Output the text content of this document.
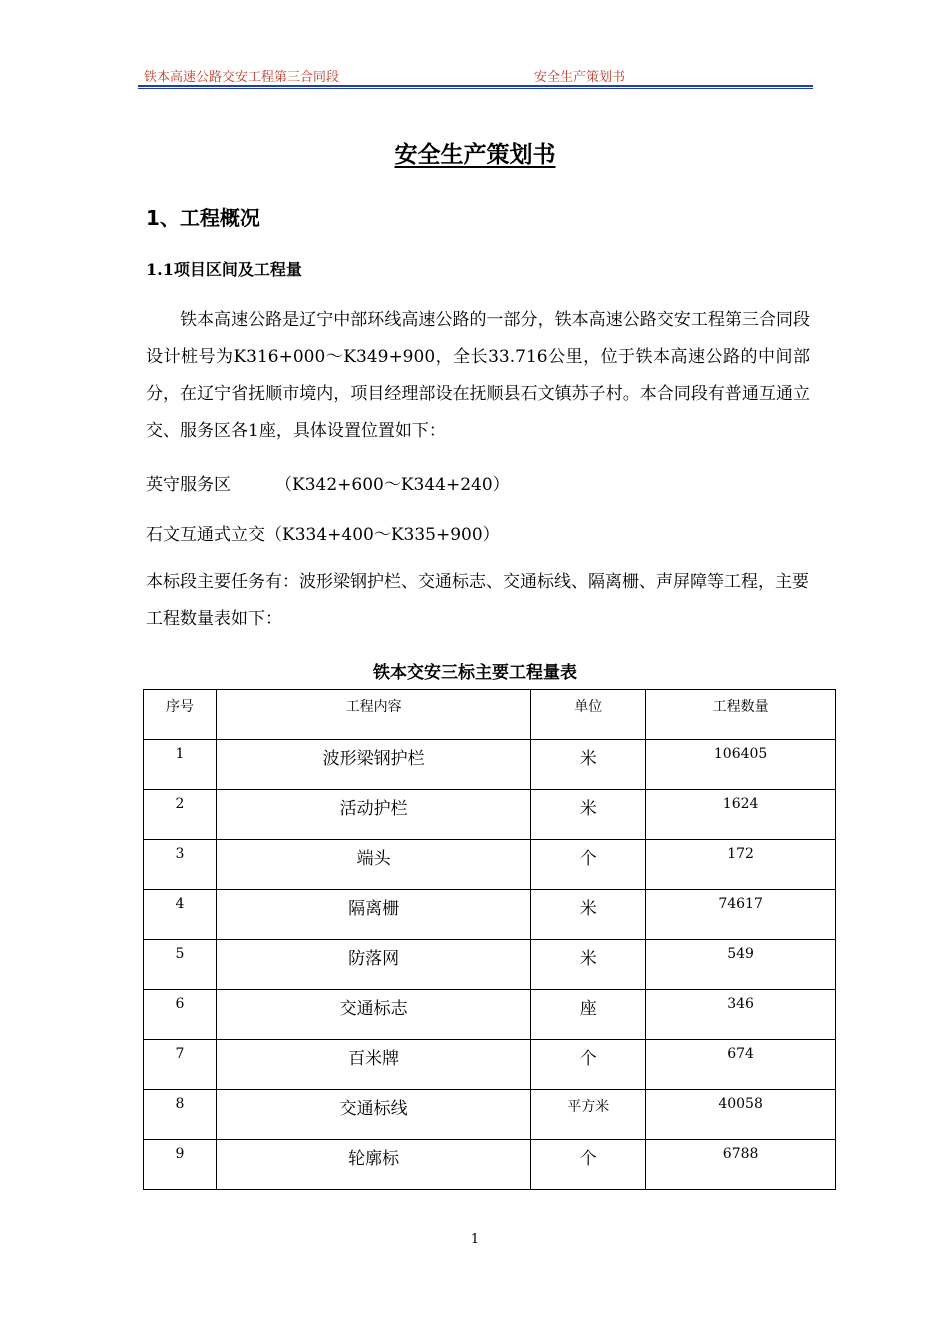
铁本高速公路交安工程第三合同段	安全生产策划书
安全生产策划书
1、工程概况
1.1项目区间及工程量
铁本高速公路是辽宁中部环线高速公路的一部分，铁本高速公路交安工程第三合同段设计桩号为K316+000～K349+900，全长33.716公里，位于铁本高速公路的中间部分，在辽宁省抚顺市境内，项目经理部设在抚顺县石文镇苏子村。本合同段有普通互通立交、服务区各1座，具体设置位置如下：
英守服务区	（K342+600～K344+240）
石文互通式立交（K334+400～K335+900）
本标段主要任务有：波形梁钢护栏、交通标志、交通标线、隔离栅、声屏障等工程，主要工程数量表如下：
铁本交安三标主要工程量表
序号	工程内容	单位	工程数量
1	波形梁钢护栏	米	106405
2	活动护栏	米	1624
3	端头	个	172
4	隔离栅	米	74617
5	防落网	米	549
6	交通标志	座	346
7	百米牌	个	674
8	交通标线	平方米	40058
9	轮廓标	个	6788
1
